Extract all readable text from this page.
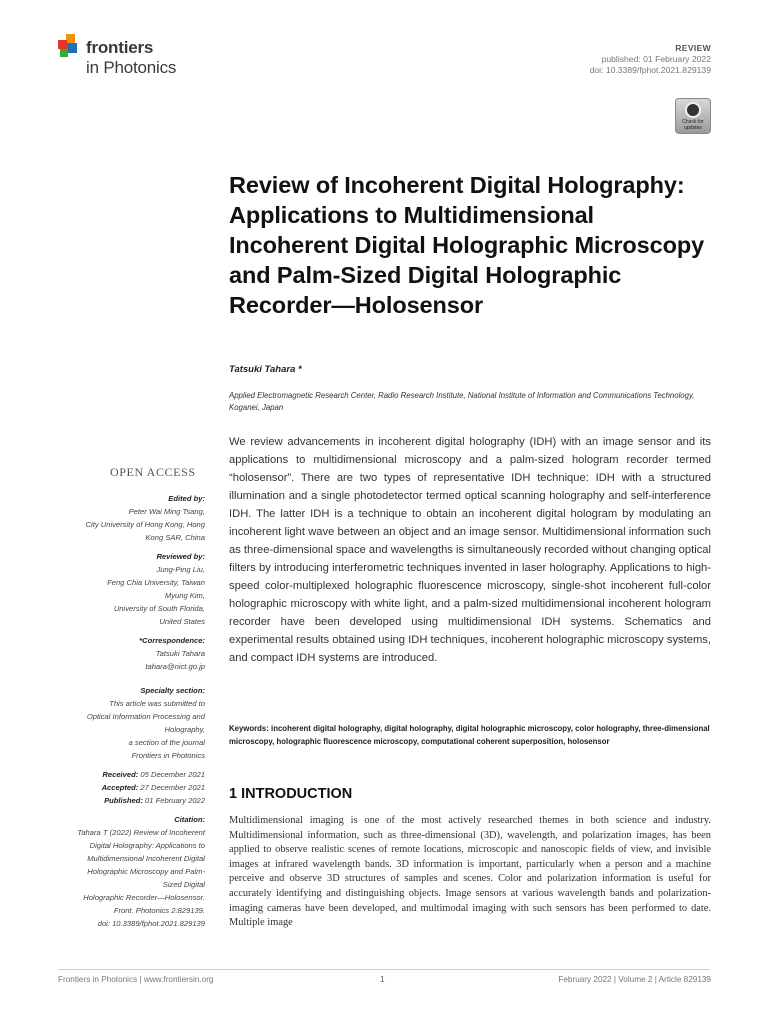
frontiers
in Photonics
REVIEW
published: 01 February 2022
doi: 10.3389/fphot.2021.829139
Check for
updates
Review of Incoherent Digital Holography: Applications to Multidimensional Incoherent Digital Holographic Microscopy and Palm-Sized Digital Holographic Recorder—Holosensor
Tatsuki Tahara *
Applied Electromagnetic Research Center, Radio Research Institute, National Institute of Information and Communications Technology, Koganei, Japan
OPEN ACCESS
Edited by:
Peter Wai Ming Tsang,
City University of Hong Kong, Hong
Kong SAR, China
Reviewed by:
Jung-Ping Liu,
Feng Chia University, Taiwan
Myung Kim,
University of South Florida,
United States
*Correspondence:
Tatsuki Tahara
tahara@nict.go.jp
Specialty section:
This article was submitted to
Optical Information Processing and
Holography,
a section of the journal
Frontiers in Photonics
Received: 05 December 2021
Accepted: 27 December 2021
Published: 01 February 2022
Citation:
Tahara T (2022) Review of Incoherent
Digital Holography: Applications to
Multidimensional Incoherent Digital
Holographic Microscopy and Palm-
Sized Digital
Holographic Recorder—Holosensor.
Front. Photonics 2:829139.
doi: 10.3389/fphot.2021.829139
We review advancements in incoherent digital holography (IDH) with an image sensor and its applications to multidimensional microscopy and a palm-sized hologram recorder termed “holosensor”. There are two types of representative IDH technique: IDH with a structured illumination and a single photodetector termed optical scanning holography and self-interference IDH. The latter IDH is a technique to obtain an incoherent digital hologram by modulating an incoherent light wave between an object and an image sensor. Multidimensional information such as three-dimensional space and wavelengths is simultaneously recorded without changing optical filters by introducing interferometric techniques invented in laser holography. Applications to high-speed color-multiplexed holographic fluorescence microscopy, single-shot incoherent full-color holographic microscopy with white light, and a palm-sized multidimensional incoherent hologram recorder have been developed using multidimensional IDH systems. Schematics and experimental results obtained using IDH techniques, incoherent holographic microscopy systems, and compact IDH systems are introduced.
Keywords: incoherent digital holography, digital holography, digital holographic microscopy, color holography, three-dimensional microscopy, holographic fluorescence microscopy, computational coherent superposition, holosensor
1 INTRODUCTION
Multidimensional imaging is one of the most actively researched themes in both science and industry. Multidimensional information, such as three-dimensional (3D), wavelength, and polarization images, has been applied to observe realistic scenes of remote locations, microscopic and nanoscopic fields of view, and invisible images at infrared wavelength bands. 3D information is important, particularly when a person and a machine perceive and observe 3D structures of samples and scenes. Color and polarization information is useful for accurately identifying and distinguishing objects. Image sensors at various wavelength bands and polarization-imaging cameras have been developed, and multimodal imaging with such sensors has been performed to date. Multiple image
Frontiers in Photonics | www.frontiersin.org	1	February 2022 | Volume 2 | Article 829139
